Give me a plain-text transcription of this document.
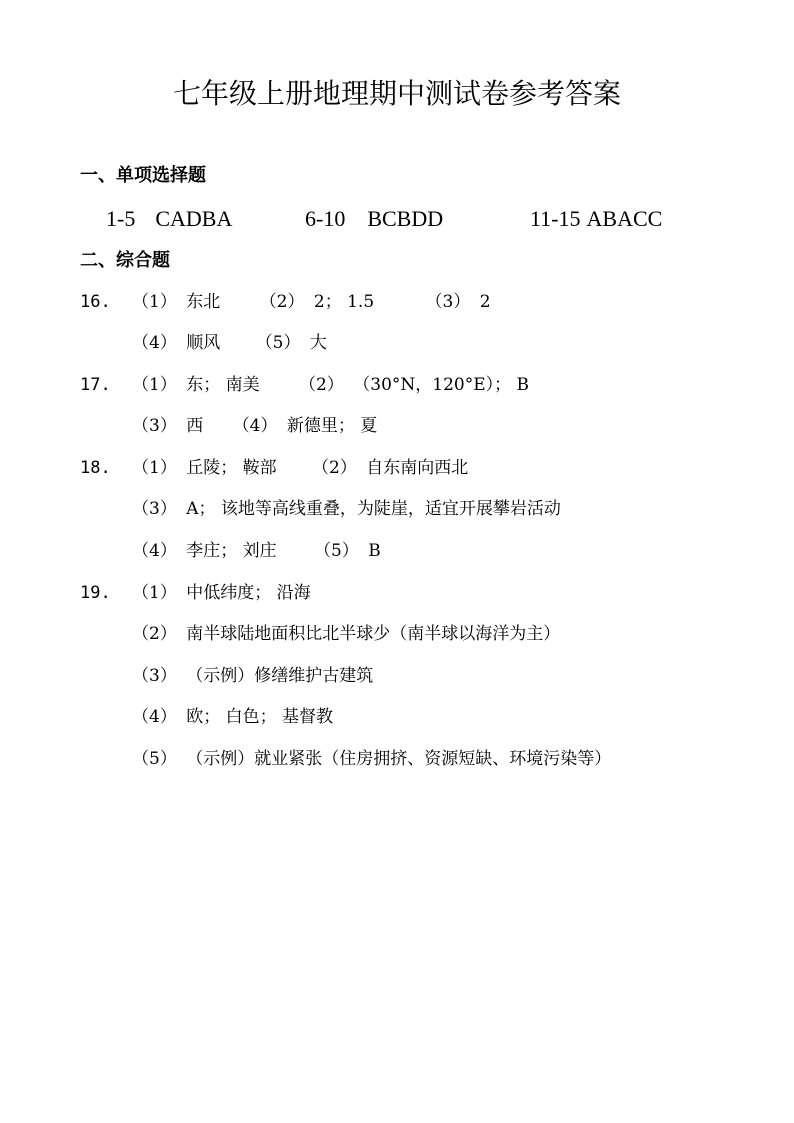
七年级上册地理期中测试卷参考答案
一、单项选择题
1-5 CADBA	6-10 BCBDD	11-15 ABACC
二、综合题
16. （1） 东北 （2） 2； 1.5	（3） 2
（4） 顺风 （5） 大
17. （1） 东； 南美 （2） （30°N，120°E）； B
（3） 西 （4） 新德里； 夏
18. （1） 丘陵； 鞍部 （2） 自东南向西北
（3） A； 该地等高线重叠，为陡崖，适宜开展攀岩活动
（4） 李庄； 刘庄 （5） B
19. （1） 中低纬度； 沿海
（2） 南半球陆地面积比北半球少（南半球以海洋为主）
（3） （示例）修缮维护古建筑
（4） 欧； 白色； 基督教
（5） （示例）就业紧张（住房拥挤、资源短缺、环境污染等）
